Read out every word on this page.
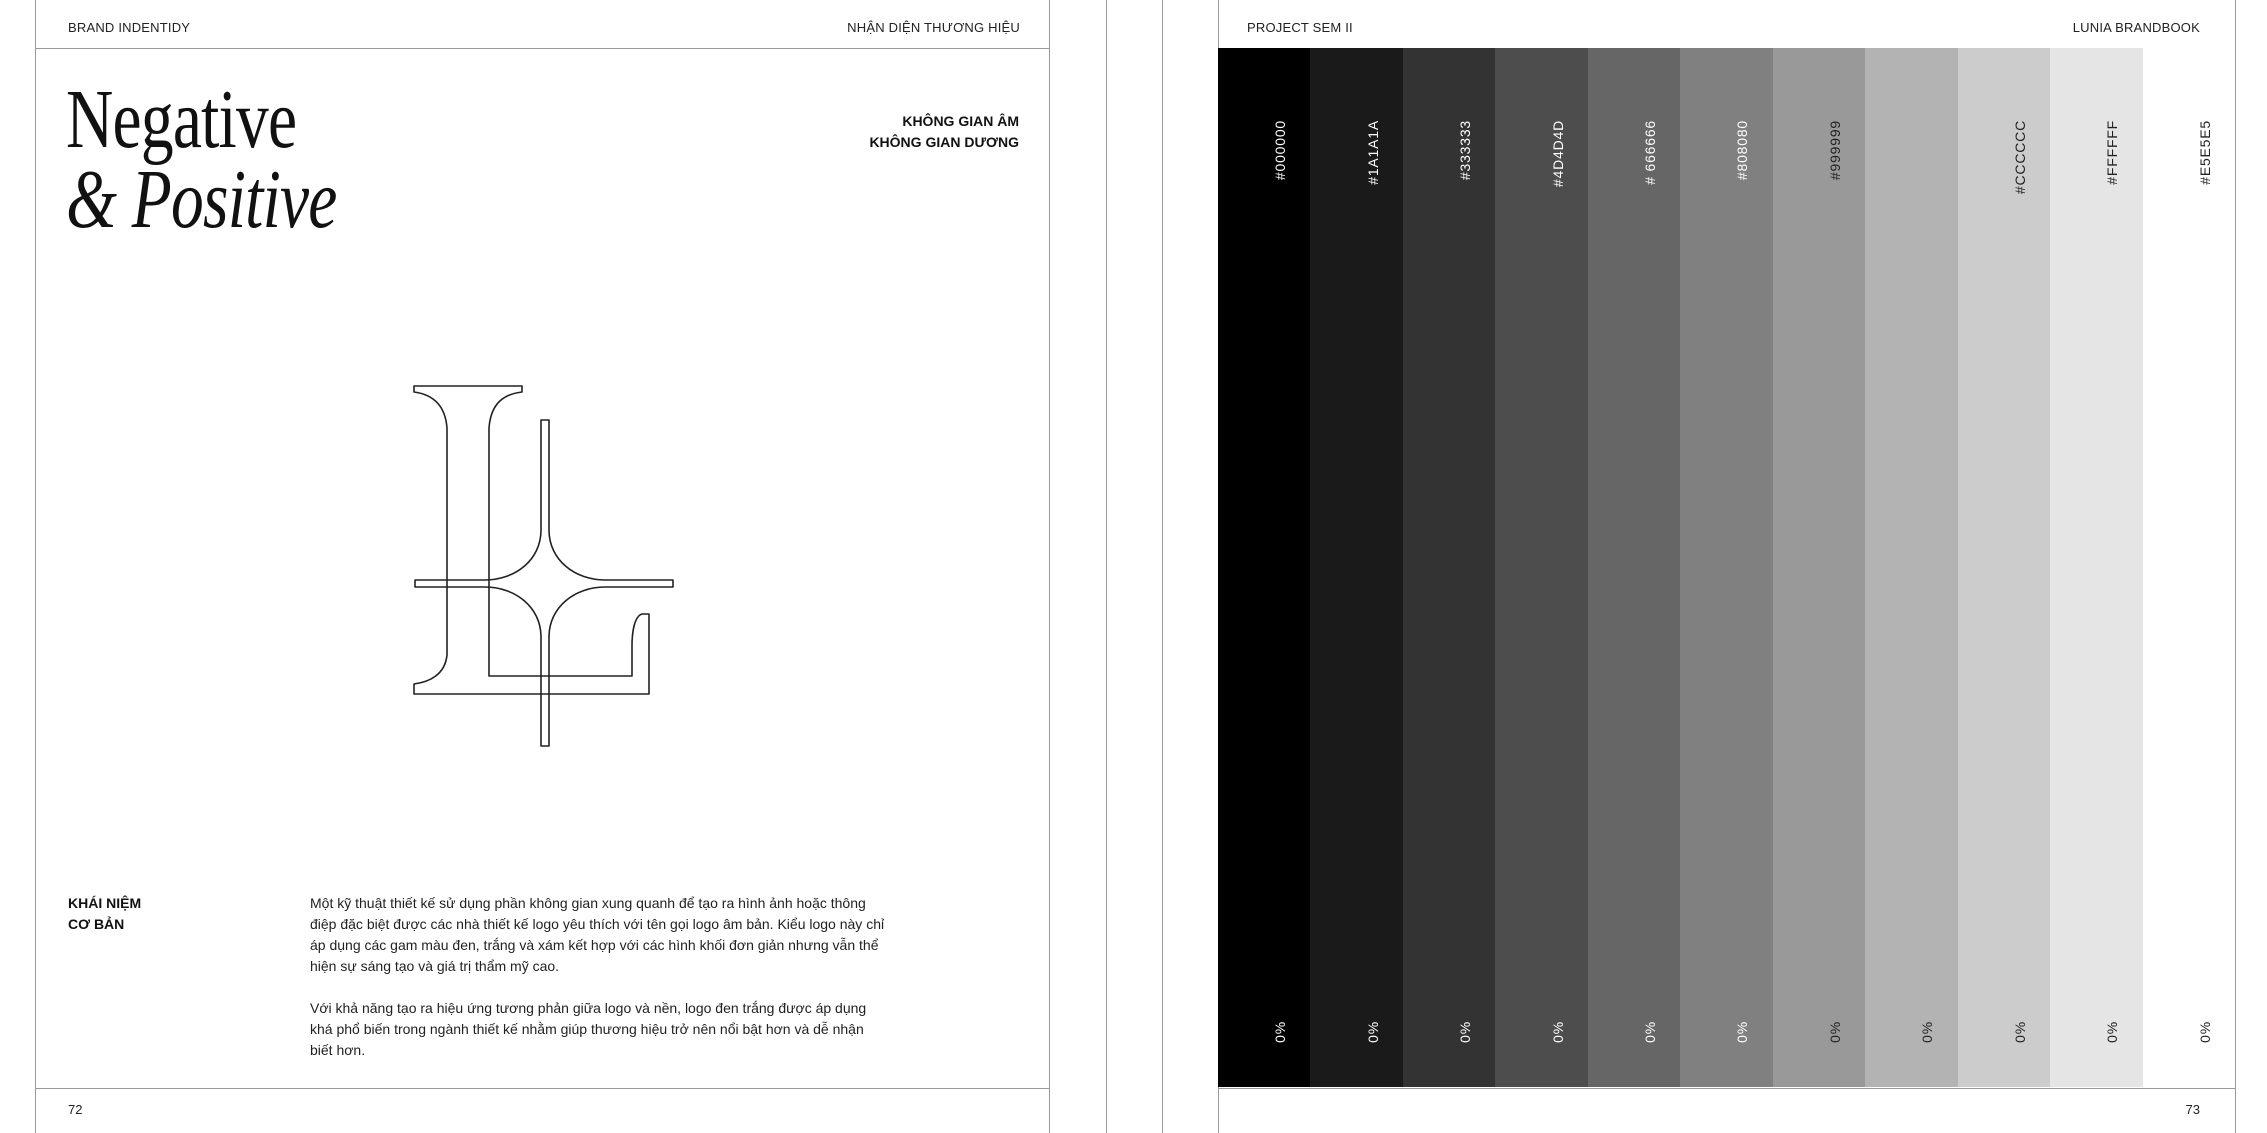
BRAND INDENTIDY	NHẬN DIỆN THƯƠNG HIỆU
Negative
& Positive
KHÔNG GIAN ÂM
KHÔNG GIAN DƯƠNG
KHÁI NIỆM
CƠ BẢN

Một kỹ thuật thiết kế sử dụng phần không gian xung quanh để tạo ra hình ảnh hoặc thông điệp đặc biệt được các nhà thiết kế logo yêu thích với tên gọi logo âm bản. Kiểu logo này chỉ áp dụng các gam màu đen, trắng và xám kết hợp với các hình khối đơn giản nhưng vẫn thể hiện sự sáng tạo và giá trị thẩm mỹ cao.

Với khả năng tạo ra hiệu ứng tương phản giữa logo và nền, logo đen trắng được áp dụng khá phổ biến trong ngành thiết kế nhằm giúp thương hiệu trở nên nổi bật hơn và dễ nhận biết hơn.

72
PROJECT SEM II	LUNIA BRANDBOOK
#000000
0%
#1A1A1A
0%
#333333
0%
#4D4D4D
0%
# 666666
0%
#808080
0%
#999999
0%	0%
#CCCCCC
0%
#FFFFFF
0%
#E5E5E5
0%
73
